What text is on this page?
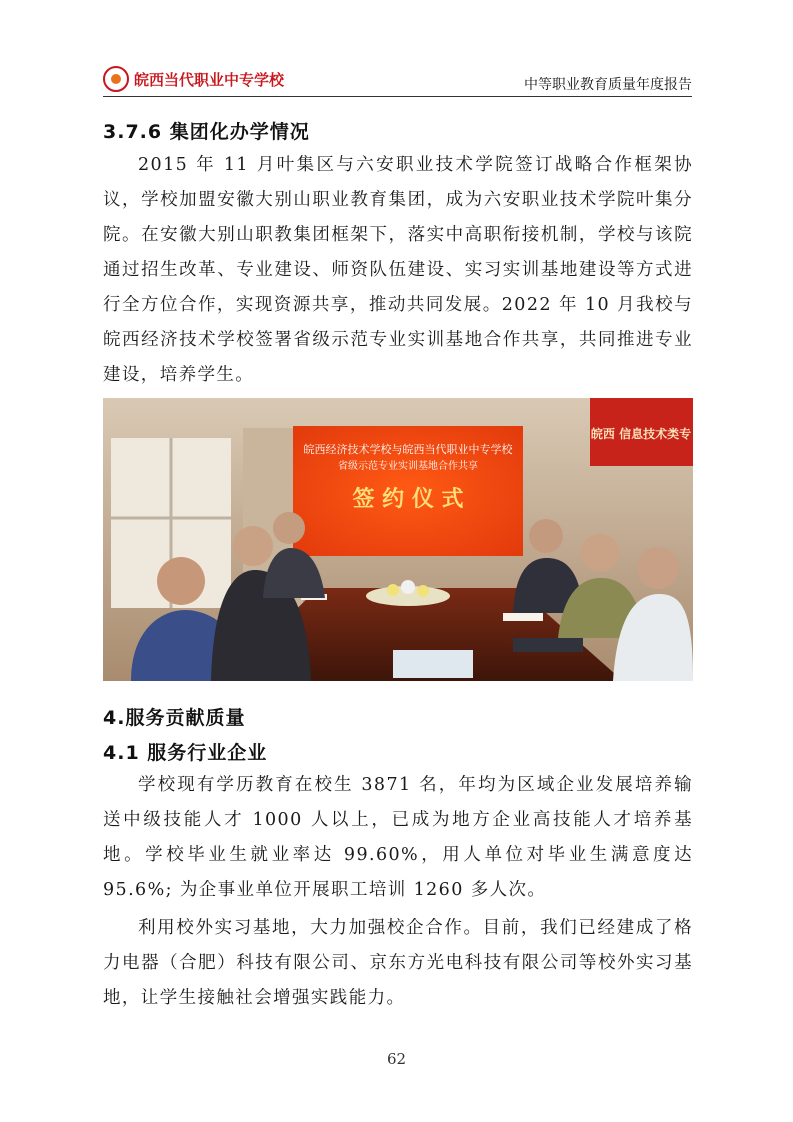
皖西当代职业中专学校	中等职业教育质量年度报告
3.7.6 集团化办学情况
2015 年 11 月叶集区与六安职业技术学院签订战略合作框架协议，学校加盟安徽大别山职业教育集团，成为六安职业技术学院叶集分院。在安徽大别山职教集团框架下，落实中高职衔接机制，学校与该院通过招生改革、专业建设、师资队伍建设、实习实训基地建设等方式进行全方位合作，实现资源共享，推动共同发展。2022 年 10 月我校与皖西经济技术学校签署省级示范专业实训基地合作共享，共同推进专业建设，培养学生。
皖西经济技术学校与皖西当代职业中专学校
省级示范专业实训基地合作共享
签 约 仪 式
皖西 信息技术类专
4.服务贡献质量
4.1 服务行业企业
学校现有学历教育在校生 3871 名，年均为区域企业发展培养输送中级技能人才 1000 人以上，已成为地方企业高技能人才培养基地。学校毕业生就业率达 99.60%，用人单位对毕业生满意度达 95.6%; 为企事业单位开展职工培训 1260 多人次。
利用校外实习基地，大力加强校企合作。目前，我们已经建成了格力电器（合肥）科技有限公司、京东方光电科技有限公司等校外实习基地，让学生接触社会增强实践能力。
62
